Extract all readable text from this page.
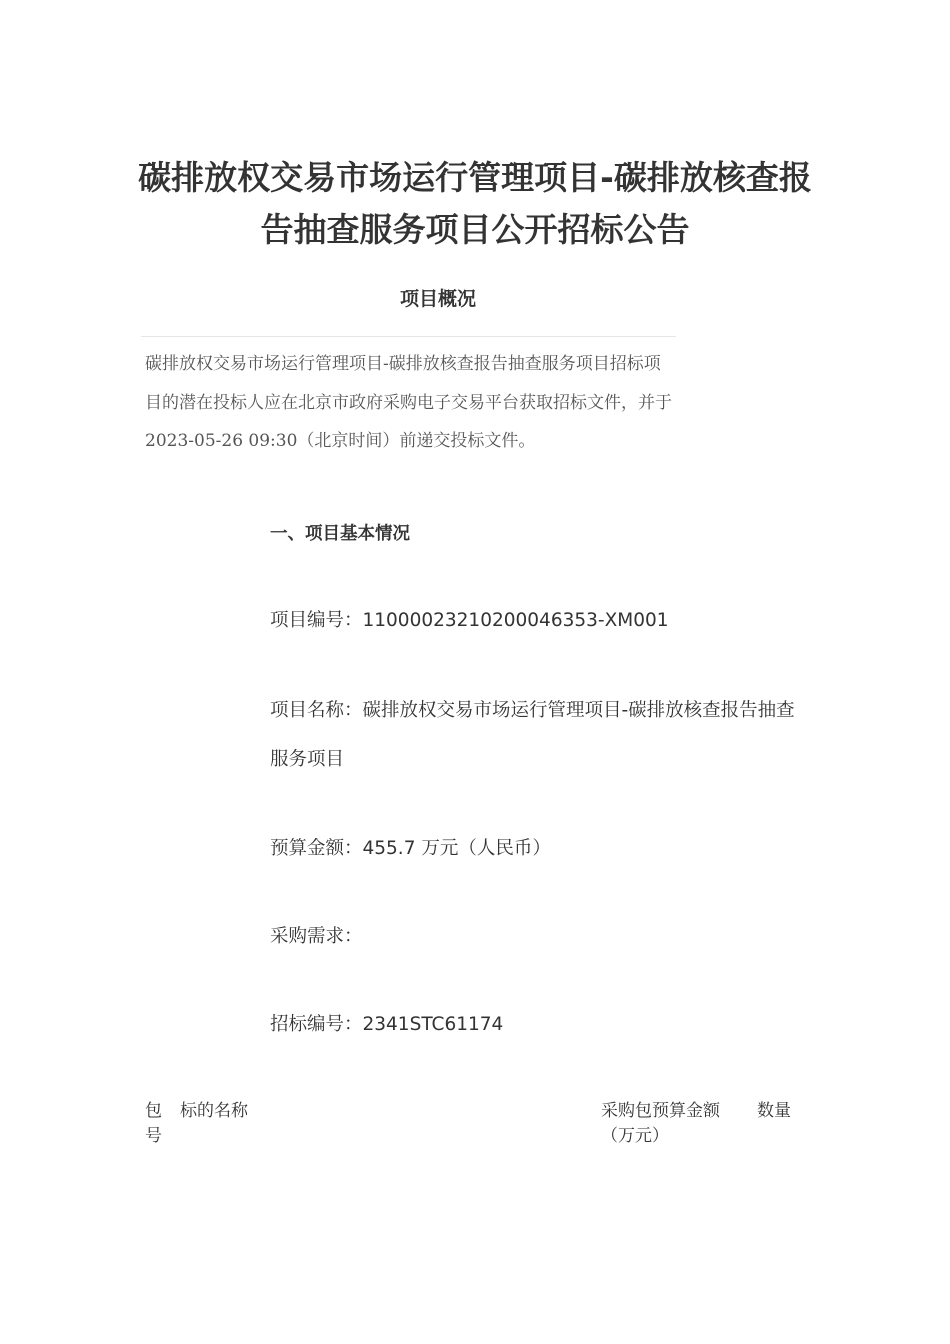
碳排放权交易市场运行管理项目-碳排放核查报告抽查服务项目公开招标公告
项目概况

碳排放权交易市场运行管理项目-碳排放核查报告抽查服务项目招标项目的潜在投标人应在北京市政府采购电子交易平台获取招标文件，并于 2023-05-26 09:30（北京时间）前递交投标文件。

一、项目基本情况
项目编号：11000023210200046353-XM001
项目名称：碳排放权交易市场运行管理项目-碳排放核查报告抽查服务项目
预算金额：455.7 万元（人民币）
采购需求：
招标编号：2341STC61174
包号
标的名称	采购包预算金额（万元）
数量
